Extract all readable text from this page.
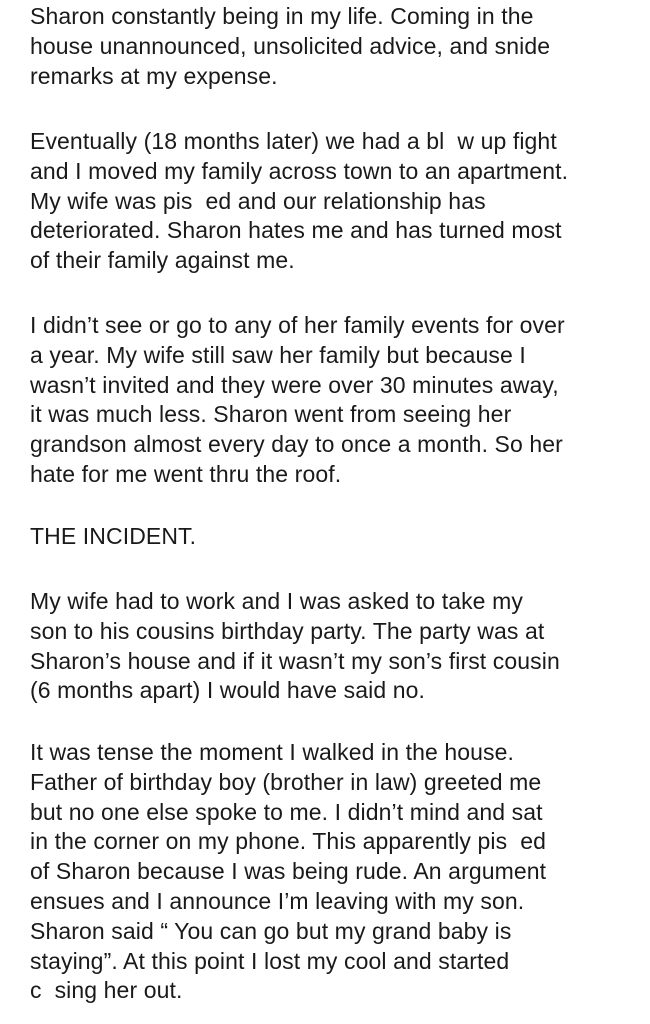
Sharon constantly being in my life. Coming in the
house unannounced, unsolicited advice, and snide
remarks at my expense.

Eventually (18 months later) we had a bl  w up fight
and I moved my family across town to an apartment.
My wife was pis  ed and our relationship has
deteriorated. Sharon hates me and has turned most
of their family against me.

I didn’t see or go to any of her family events for over
a year. My wife still saw her family but because I
wasn’t invited and they were over 30 minutes away,
it was much less. Sharon went from seeing her
grandson almost every day to once a month. So her
hate for me went thru the roof.

THE INCIDENT.

My wife had to work and I was asked to take my
son to his cousins birthday party. The party was at
Sharon’s house and if it wasn’t my son’s first cousin
(6 months apart) I would have said no.

It was tense the moment I walked in the house.
Father of birthday boy (brother in law) greeted me
but no one else spoke to me. I didn’t mind and sat
in the corner on my phone. This apparently pis  ed
of Sharon because I was being rude. An argument
ensues and I announce I’m leaving with my son.
Sharon said “ You can go but my grand baby is
staying”. At this point I lost my cool and started
c  sing her out.
